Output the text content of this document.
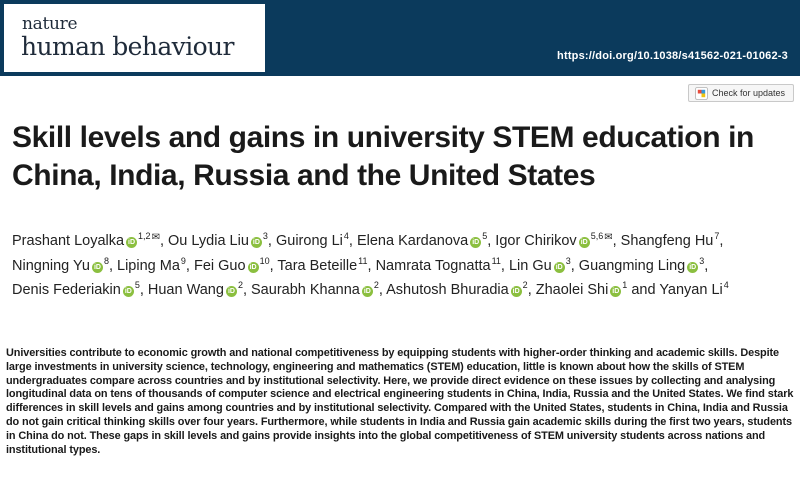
nature
human behaviour	https://doi.org/10.1038/s41562-021-01062-3
Check for updates
Skill levels and gains in university STEM education in China, India, Russia and the United States
Prashant Loyalka iD$^{1,2✉}$, Ou Lydia Liu iD$^3$, Guirong Li$^4$, Elena Kardanova iD$^5$, Igor Chirikov iD$^{5,6✉}$, Shangfeng Hu$^7$, Ningning Yu iD$^8$, Liping Ma$^9$, Fei Guo iD$^{10}$, Tara Beteille$^{11}$, Namrata Tognatta$^{11}$, Lin Gu iD$^3$, Guangming Ling iD$^3$, Denis Federiakin iD$^5$, Huan Wang iD$^2$, Saurabh Khanna iD$^2$, Ashutosh Bhuradia iD$^2$, Zhaolei Shi iD$^1$ and Yanyan Li$^4$

Universities contribute to economic growth and national competitiveness by equipping students with higher-order thinking and academic skills. Despite large investments in university science, technology, engineering and mathematics (STEM) education, little is known about how the skills of STEM undergraduates compare across countries and by institutional selectivity. Here, we provide direct evidence on these issues by collecting and analysing longitudinal data on tens of thousands of computer science and electrical engineering students in China, India, Russia and the United States. We find stark differences in skill levels and gains among countries and by institutional selectivity. Compared with the United States, students in China, India and Russia do not gain critical thinking skills over four years. Furthermore, while students in India and Russia gain academic skills during the first two years, students in China do not. These gaps in skill levels and gains provide insights into the global competitiveness of STEM university students across nations and institutional types.
